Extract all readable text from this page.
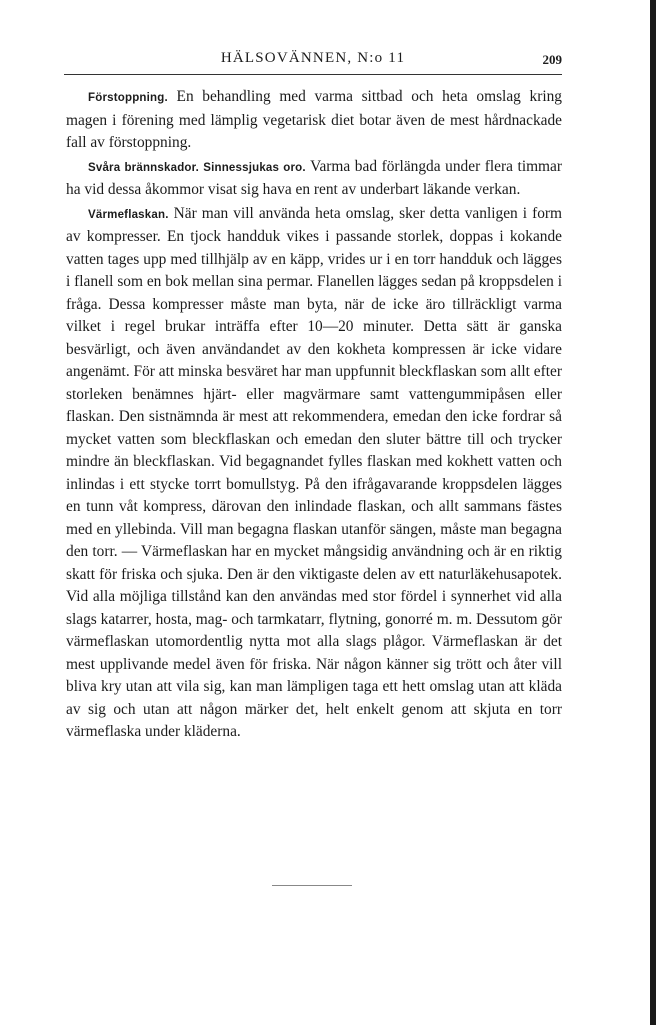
HÄLSOVÄNNEN, N:o 11	209

Förstoppning. En behandling med varma sittbad och heta omslag kring magen i förening med lämplig vegetarisk diet botar även de mest hårdnackade fall av förstoppning.

Svåra brännskador. Sinnessjukas oro. Varma bad förlängda under flera timmar ha vid dessa åkommor visat sig hava en rent av underbart läkande verkan.

Värmeflaskan. När man vill använda heta omslag, sker detta vanligen i form av kompresser. En tjock handduk vikes i passande storlek, doppas i kokande vatten tages upp med tillhjälp av en käpp, vrides ur i en torr handduk och lägges i flanell som en bok mellan sina permar. Flanellen lägges sedan på kroppsdelen i fråga. Dessa kompresser måste man byta, när de icke äro tillräckligt varma vilket i regel brukar inträffa efter 10—20 minuter. Detta sätt är ganska besvärligt, och även användandet av den kokheta kompressen är icke vidare angenämt. För att minska besväret har man uppfunnit bleckflaskan som allt efter storleken benämnes hjärt- eller magvärmare samt vattengummipåsen eller flaskan. Den sistnämnda är mest att rekommendera, emedan den icke fordrar så mycket vatten som bleckflaskan och emedan den sluter bättre till och trycker mindre än bleckflaskan. Vid begagnandet fylles flaskan med kokhett vatten och inlindas i ett stycke torrt bomullstyg. På den ifrågavarande kroppsdelen lägges en tunn våt kompress, därovan den inlindade flaskan, och allt sammans fästes med en yllebinda. Vill man begagna flaskan utanför sängen, måste man begagna den torr. — Värmeflaskan har en mycket mångsidig användning och är en riktig skatt för friska och sjuka. Den är den viktigaste delen av ett naturläkehusapotek. Vid alla möjliga tillstånd kan den användas med stor fördel i synnerhet vid alla slags katarrer, hosta, mag- och tarmkatarr, flytning, gonorré m. m. Dessutom gör värmeflaskan utomordentlig nytta mot alla slags plågor. Värmeflaskan är det mest upplivande medel även för friska. När någon känner sig trött och åter vill bliva kry utan att vila sig, kan man lämpligen taga ett hett omslag utan att kläda av sig och utan att någon märker det, helt enkelt genom att skjuta en torr värmeflaska under kläderna.
